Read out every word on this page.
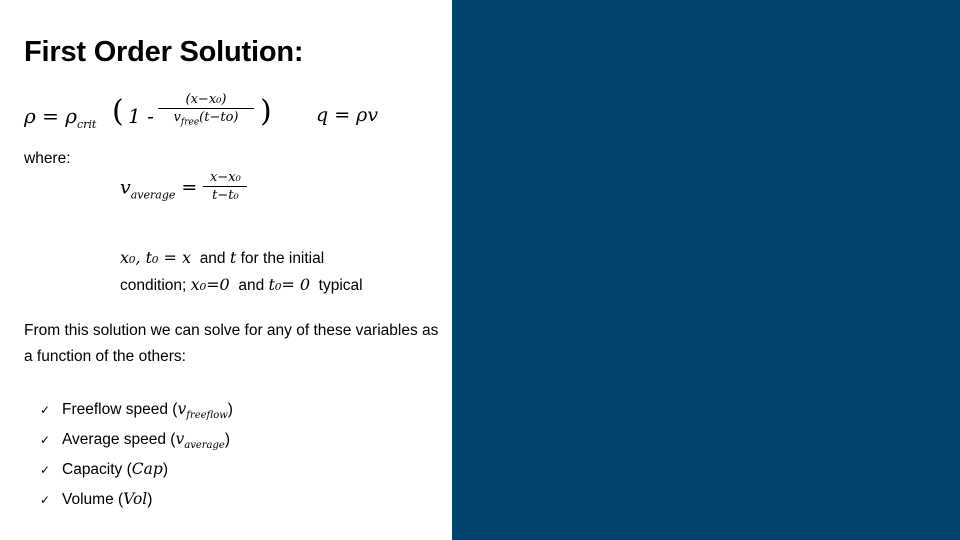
First Order Solution:
$\rho = \rho_{crit}$ ( 1 -
(x−x₀)
$v_{free}(t-to)$ ) q = ρv
where:
$v_{average} = \frac{\text{x−x₀}}{\text{t−t₀}}$
x₀, t₀ = x and t for the initial
condition; x₀=0 and t₀= 0 typical
From this solution we can solve for any of these variables as a function of the others:
✓ Freeflow speed $(v_{freeflow})$
✓ Average speed $(v_{average})$
✓ Capacity (Cap)
✓ Volume (Vol)
